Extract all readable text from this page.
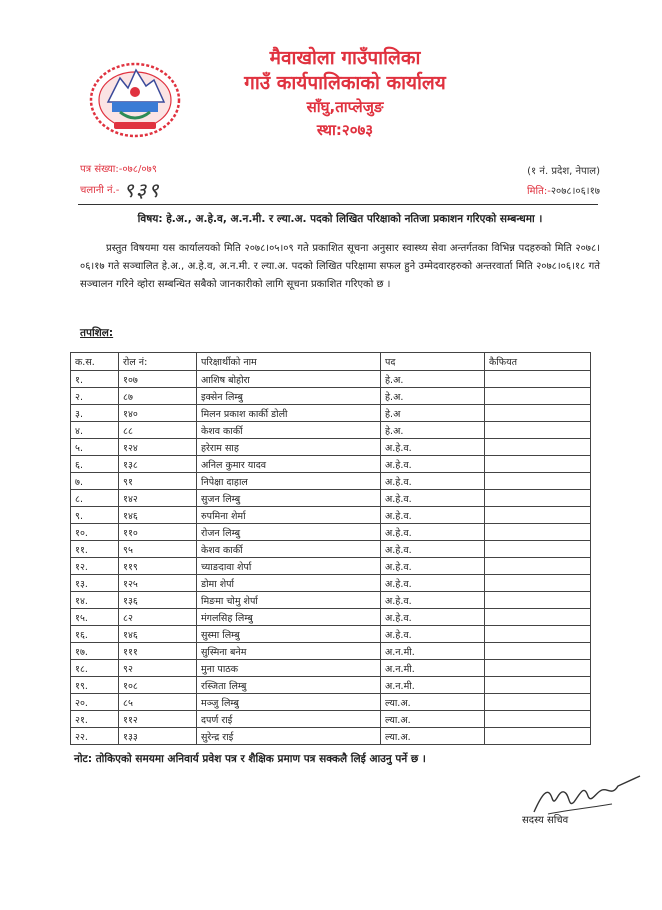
मैवाखोला गाउँपालिका
गाउँ कार्यपालिकाको कार्यालय
साँघु,ताप्लेजुङ
स्था:२०७३
पत्र संख्या:-०७८/०७९
चलानी नं.- ९३९
(१ नं. प्रदेश, नेपाल)
मिति:-२०७८।०६।१७
विषय: हे.अ., अ.हे.व, अ.न.मी. र ल्या.अ. पदको लिखित परिक्षाको नतिजा प्रकाशन गरिएको सम्बन्धमा ।

प्रस्तुत विषयमा यस कार्यालयको मिति २०७८।०५।०९ गते प्रकाशित सूचना अनुसार स्वास्थ्य सेवा अन्तर्गतका विभिन्न पदहरुको मिति २०७८।०६।१७ गते सञ्चालित हे.अ., अ.हे.व, अ.न.मी. र ल्या.अ. पदको लिखित परिक्षामा सफल हुने उम्मेदवारहरुको अन्तरवार्ता मिति २०७८।०६।१८ गते सञ्चालन गरिने व्होरा सम्बन्धित सबैको जानकारीको लागि सूचना प्रकाशित गरिएको छ ।

तपशिल:
क.स.	रोल नं:	परिक्षार्थीको नाम	पद	कैफियत
१.	१०७	आशिष बोहोरा	हे.अ.	
२.	८७	इक्सेन लिम्बु	हे.अ.	
३.	१४०	मिलन प्रकाश कार्की डोली	हे.अ	
४.	८८	केशव कार्की	हे.अ.	
५.	१२४	हरेराम साह	अ.हे.व.	
६.	१३८	अनिल कुमार यादव	अ.हे.व.	
७.	९१	निपेक्षा दाहाल	अ.हे.व.	
८.	१४२	सुजन लिम्बु	अ.हे.व.	
९.	१४६	रुपमिना शेर्मा	अ.हे.व.	
१०.	११०	रोजन लिम्बु	अ.हे.व.	
११.	९५	केशव कार्की	अ.हे.व.	
१२.	११९	च्याङदावा शेर्पा	अ.हे.व.	
१३.	१२५	डोमा शेर्पा	अ.हे.व.	
१४.	१३६	मिङमा चोमु शेर्पा	अ.हे.व.	
१५.	८२	मंगलसिह लिम्बु	अ.हे.व.	
१६.	१४६	सुस्मा लिम्बु	अ.हे.व.	
१७.	१११	सुस्मिना बनेम	अ.न.मी.	
१८.	९२	मुना पाठक	अ.न.मी.	
१९.	१०८	रस्जिता लिम्बु	अ.न.मी.	
२०.	८५	मञ्जु लिम्बु	ल्या.अ.	
२१.	११२	दपर्ण राई	ल्या.अ.	
२२.	१३३	सुरेन्द्र राई	ल्या.अ.	
नोट: तोकिएको समयमा अनिवार्य प्रवेश पत्र र शैक्षिक प्रमाण पत्र सक्कलै लिई आउनु पर्ने छ ।
सदस्य सचिव
